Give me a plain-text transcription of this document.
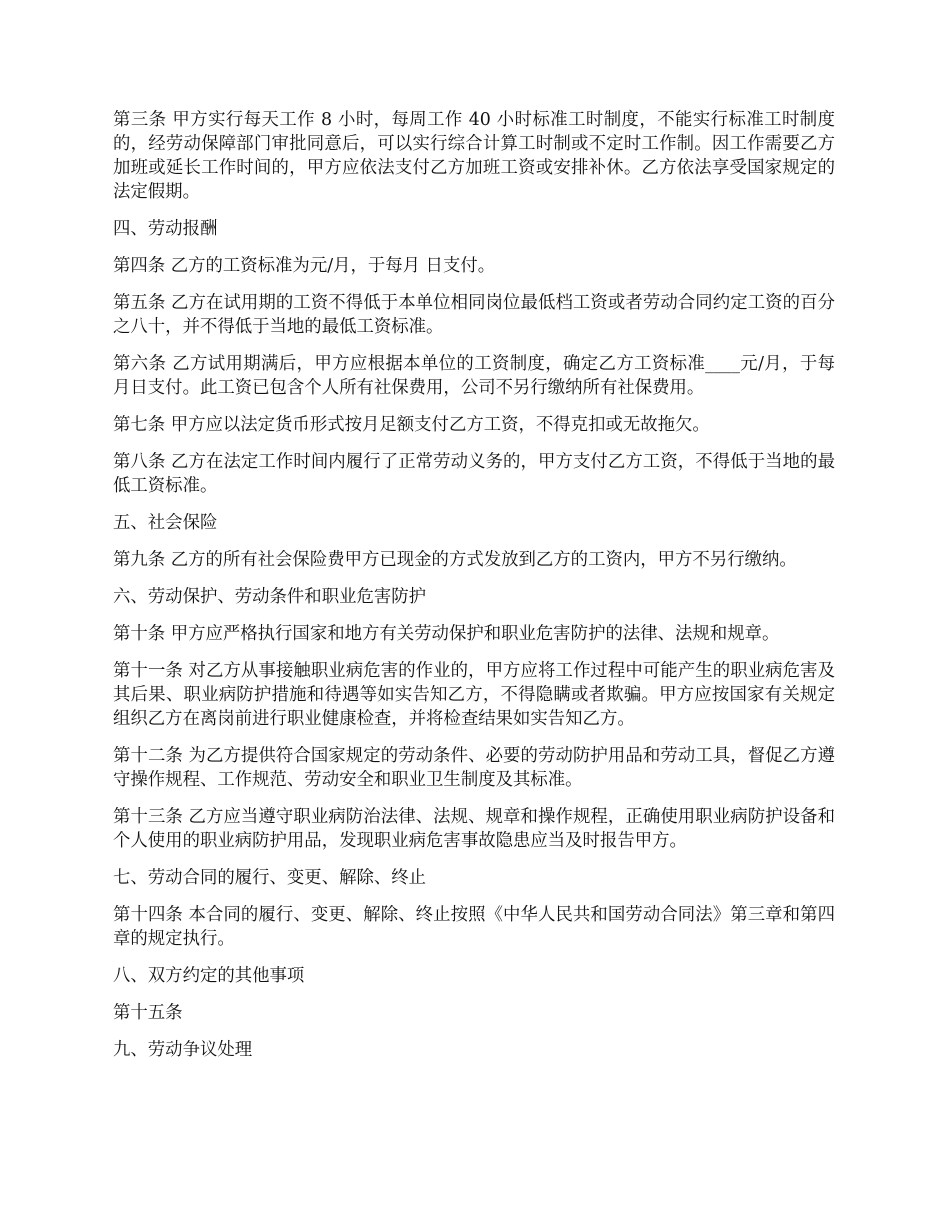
第三条 甲方实行每天工作 8 小时，每周工作 40 小时标准工时制度，不能实行标准工时制度的，经劳动保障部门审批同意后，可以实行综合计算工时制或不定时工作制。因工作需要乙方加班或延长工作时间的，甲方应依法支付乙方加班工资或安排补休。乙方依法享受国家规定的法定假期。

四、劳动报酬

第四条 乙方的工资标准为元/月，于每月 日支付。

第五条 乙方在试用期的工资不得低于本单位相同岗位最低档工资或者劳动合同约定工资的百分之八十，并不得低于当地的最低工资标准。

第六条 乙方试用期满后，甲方应根据本单位的工资制度，确定乙方工资标准____元/月，于每月日支付。此工资已包含个人所有社保费用，公司不另行缴纳所有社保费用。

第七条 甲方应以法定货币形式按月足额支付乙方工资，不得克扣或无故拖欠。

第八条 乙方在法定工作时间内履行了正常劳动义务的，甲方支付乙方工资，不得低于当地的最低工资标准。

五、社会保险

第九条 乙方的所有社会保险费甲方已现金的方式发放到乙方的工资内，甲方不另行缴纳。

六、劳动保护、劳动条件和职业危害防护

第十条 甲方应严格执行国家和地方有关劳动保护和职业危害防护的法律、法规和规章。

第十一条 对乙方从事接触职业病危害的作业的，甲方应将工作过程中可能产生的职业病危害及其后果、职业病防护措施和待遇等如实告知乙方，不得隐瞒或者欺骗。甲方应按国家有关规定组织乙方在离岗前进行职业健康检查，并将检查结果如实告知乙方。

第十二条 为乙方提供符合国家规定的劳动条件、必要的劳动防护用品和劳动工具，督促乙方遵守操作规程、工作规范、劳动安全和职业卫生制度及其标准。

第十三条 乙方应当遵守职业病防治法律、法规、规章和操作规程，正确使用职业病防护设备和个人使用的职业病防护用品，发现职业病危害事故隐患应当及时报告甲方。

七、劳动合同的履行、变更、解除、终止

第十四条 本合同的履行、变更、解除、终止按照《中华人民共和国劳动合同法》第三章和第四章的规定执行。

八、双方约定的其他事项

第十五条

九、劳动争议处理
